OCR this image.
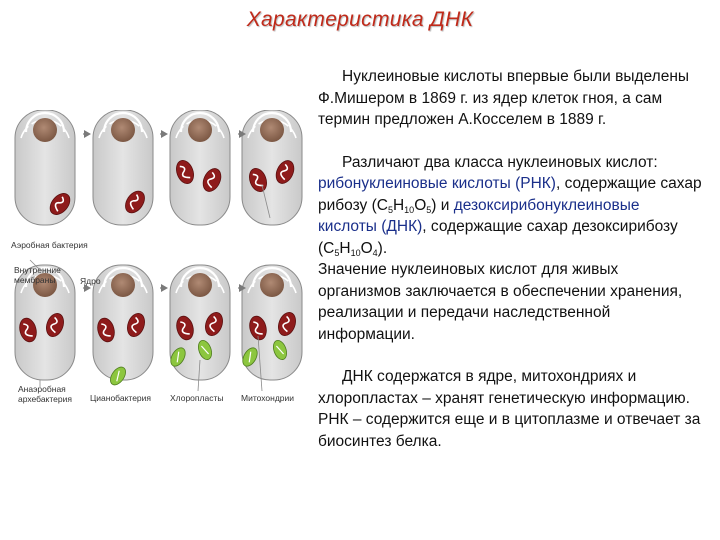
Характеристика ДНК
Аэробная бактерия
Внутренние мембраны	Ядро
Анаэробная архебактерия	Цианобактерия Хлоропласты Митохондрии

Нуклеиновые кислоты впервые были выделены Ф.Мишером в 1869 г. из ядер клеток гноя, а сам термин предложен А.Косселем в 1889 г.

Различают два класса нуклеиновых кислот: рибонуклеиновые кислоты (РНК), содержащие сахар рибозу $(С_5Н_{10}О_5)$ и дезоксирибонуклеиновые кислоты (ДНК), содержащие сахар дезоксирибозу $(С_5Н_{10}О_4)$.

Значение нуклеиновых кислот для живых организмов заключается в обеспечении хранения, реализации и передачи наследственной информации.

ДНК содержатся в ядре, митохондриях и хлоропластах – хранят генетическую информацию. РНК – содержится еще и в цитоплазме и отвечает за биосинтез белка.
